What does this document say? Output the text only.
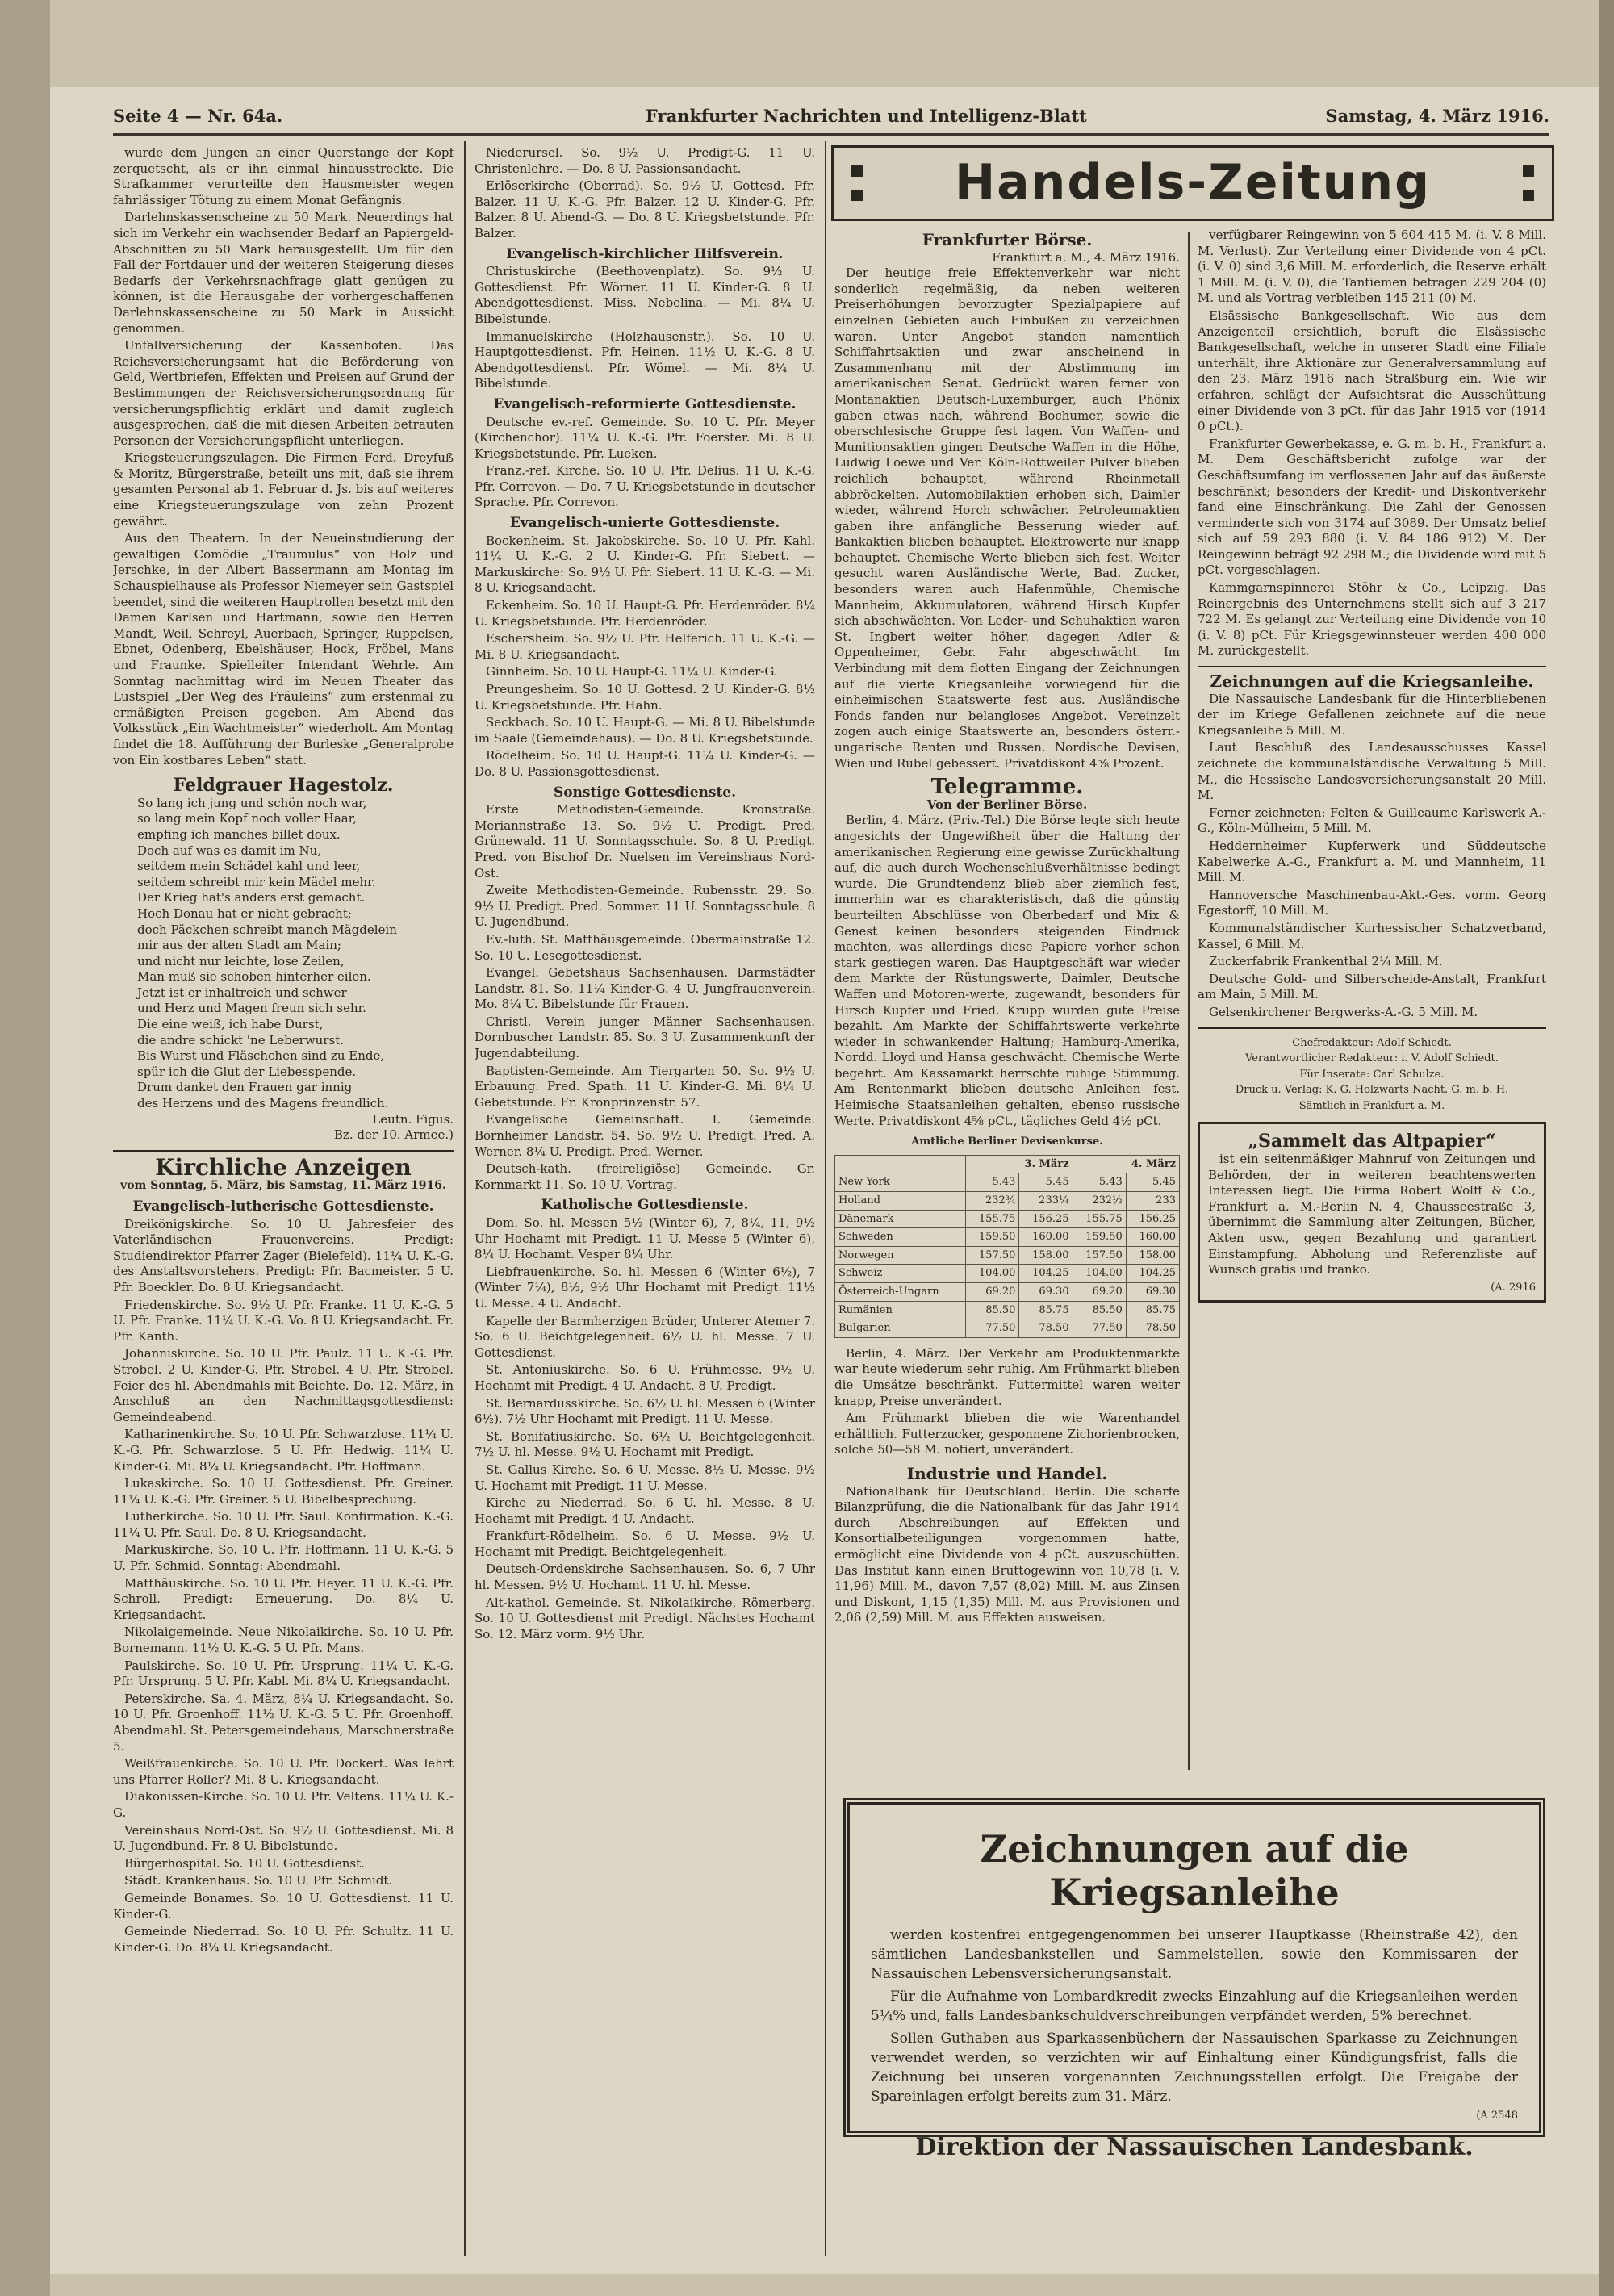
Seite 4 — Nr. 64a.	Frankfurter Nachrichten und Intelligenz-Blatt	Samstag, 4. März 1916.

wurde dem Jungen an einer Querstange der Kopf zerquetscht, als er ihn einmal hinausstreckte. Die Strafkammer verurteilte den Hausmeister wegen fahrlässiger Tötung zu einem Monat Gefängnis.

Darlehnskassenscheine zu 50 Mark. Neuerdings hat sich im Verkehr ein wachsender Bedarf an Papiergeld-Abschnitten zu 50 Mark herausgestellt. Um für den Fall der Fortdauer und der weiteren Steigerung dieses Bedarfs der Verkehrsnachfrage glatt genügen zu können, ist die Herausgabe der vorhergeschaffenen Darlehnskassenscheine zu 50 Mark in Aussicht genommen.

Unfallversicherung der Kassenboten. Das Reichsversicherungsamt hat die Beförderung von Geld, Wertbriefen, Effekten und Preisen auf Grund der Bestimmungen der Reichsversicherungsordnung für versicherungspflichtig erklärt und damit zugleich ausgesprochen, daß die mit diesen Arbeiten betrauten Personen der Versicherungspflicht unterliegen.

Kriegsteuerungszulagen. Die Firmen Ferd. Dreyfuß & Moritz, Bürgerstraße, beteilt uns mit, daß sie ihrem gesamten Personal ab 1. Februar d. Js. bis auf weiteres eine Kriegsteuerungszulage von zehn Prozent gewährt.

Aus den Theatern. In der Neueinstudierung der gewaltigen Comödie „Traumulus“ von Holz und Jerschke, in der Albert Bassermann am Montag im Schauspielhause als Professor Niemeyer sein Gastspiel beendet, sind die weiteren Hauptrollen besetzt mit den Damen Karlsen und Hartmann, sowie den Herren Mandt, Weil, Schreyl, Auerbach, Springer, Ruppelsen, Ebnet, Odenberg, Ebelshäuser, Hock, Fröbel, Mans und Fraunke. Spielleiter Intendant Wehrle. Am Sonntag nachmittag wird im Neuen Theater das Lustspiel „Der Weg des Fräuleins“ zum erstenmal zu ermäßigten Preisen gegeben. Am Abend das Volksstück „Ein Wachtmeister“ wiederholt. Am Montag findet die 18. Aufführung der Burleske „Generalprobe von Ein kostbares Leben“ statt.

Feldgrauer Hagestolz.
So lang ich jung und schön noch war,
so lang mein Kopf noch voller Haar,
empfing ich manches billet doux.
Doch auf was es damit im Nu,
seitdem mein Schädel kahl und leer,
seitdem schreibt mir kein Mädel mehr.
Der Krieg hat's anders erst gemacht.
Hoch Donau hat er nicht gebracht;
doch Päckchen schreibt manch Mägdelein
mir aus der alten Stadt am Main;
und nicht nur leichte, lose Zeilen,
Man muß sie schoben hinterher eilen.
Jetzt ist er inhaltreich und schwer
und Herz und Magen freun sich sehr.
Die eine weiß, ich habe Durst,
die andre schickt 'ne Leberwurst.
Bis Wurst und Fläschchen sind zu Ende,
spür ich die Glut der Liebesspende.
Drum danket den Frauen gar innig
des Herzens und des Magens freundlich.
Leutn. Figus.
Bz. der 10. Armee.)
Kirchliche Anzeigen
vom Sonntag, 5. März, bis Samstag, 11. März 1916.
Evangelisch-lutherische Gottesdienste.

Dreikönigskirche. So. 10 U. Jahresfeier des Vaterländischen Frauenvereins. Predigt: Studiendirektor Pfarrer Zager (Bielefeld). 11¼ U. K.-G. des Anstaltsvorstehers. Predigt: Pfr. Bacmeister. 5 U. Pfr. Boeckler. Do. 8 U. Kriegsandacht.

Friedenskirche. So. 9½ U. Pfr. Franke. 11 U. K.-G. 5 U. Pfr. Franke. 11¼ U. K.-G. Vo. 8 U. Kriegsandacht. Fr. Pfr. Kanth.

Johanniskirche. So. 10 U. Pfr. Paulz. 11 U. K.-G. Pfr. Strobel. 2 U. Kinder-G. Pfr. Strobel. 4 U. Pfr. Strobel. Feier des hl. Abendmahls mit Beichte. Do. 12. März, in Anschluß an den Nachmittagsgottesdienst: Gemeindeabend.

Katharinenkirche. So. 10 U. Pfr. Schwarzlose. 11¼ U. K.-G. Pfr. Schwarzlose. 5 U. Pfr. Hedwig. 11¼ U. Kinder-G. Mi. 8¼ U. Kriegsandacht. Pfr. Hoffmann.

Lukaskirche. So. 10 U. Gottesdienst. Pfr. Greiner. 11¼ U. K.-G. Pfr. Greiner. 5 U. Bibelbesprechung.

Lutherkirche. So. 10 U. Pfr. Saul. Konfirmation. K.-G. 11¼ U. Pfr. Saul. Do. 8 U. Kriegsandacht.

Markuskirche. So. 10 U. Pfr. Hoffmann. 11 U. K.-G. 5 U. Pfr. Schmid. Sonntag: Abendmahl.

Matthäuskirche. So. 10 U. Pfr. Heyer. 11 U. K.-G. Pfr. Schroll. Predigt: Erneuerung. Do. 8¼ U. Kriegsandacht.

Nikolaigemeinde. Neue Nikolaikirche. So. 10 U. Pfr. Bornemann. 11½ U. K.-G. 5 U. Pfr. Mans.

Paulskirche. So. 10 U. Pfr. Ursprung. 11¼ U. K.-G. Pfr. Ursprung. 5 U. Pfr. Kabl. Mi. 8¼ U. Kriegsandacht.

Peterskirche. Sa. 4. März, 8¼ U. Kriegsandacht. So. 10 U. Pfr. Groenhoff. 11½ U. K.-G. 5 U. Pfr. Groenhoff. Abendmahl. St. Petersgemeindehaus, Marschnerstraße 5.

Weißfrauenkirche. So. 10 U. Pfr. Dockert. Was lehrt uns Pfarrer Roller? Mi. 8 U. Kriegsandacht.

Diakonissen-Kirche. So. 10 U. Pfr. Veltens. 11¼ U. K.-G.

Vereinshaus Nord-Ost. So. 9½ U. Gottesdienst. Mi. 8 U. Jugendbund. Fr. 8 U. Bibelstunde.

Bürgerhospital. So. 10 U. Gottesdienst.

Städt. Krankenhaus. So. 10 U. Pfr. Schmidt.

Gemeinde Bonames. So. 10 U. Gottesdienst. 11 U. Kinder-G.

Gemeinde Niederrad. So. 10 U. Pfr. Schultz. 11 U. Kinder-G. Do. 8¼ U. Kriegsandacht.

Niederursel. So. 9½ U. Predigt-G. 11 U. Christenlehre. — Do. 8 U. Passionsandacht.

Erlöserkirche (Oberrad). So. 9½ U. Gottesd. Pfr. Balzer. 11 U. K.-G. Pfr. Balzer. 12 U. Kinder-G. Pfr. Balzer. 8 U. Abend-G. — Do. 8 U. Kriegsbetstunde. Pfr. Balzer.

Evangelisch-kirchlicher Hilfsverein.

Christuskirche (Beethovenplatz). So. 9½ U. Gottesdienst. Pfr. Wörner. 11 U. Kinder-G. 8 U. Abendgottesdienst. Miss. Nebelina. — Mi. 8¼ U. Bibelstunde.

Immanuelskirche (Holzhausenstr.). So. 10 U. Hauptgottesdienst. Pfr. Heinen. 11½ U. K.-G. 8 U. Abendgottesdienst. Pfr. Wömel. — Mi. 8¼ U. Bibelstunde.

Evangelisch-reformierte Gottesdienste.

Deutsche ev.-ref. Gemeinde. So. 10 U. Pfr. Meyer (Kirchenchor). 11¼ U. K.-G. Pfr. Foerster. Mi. 8 U. Kriegsbetstunde. Pfr. Lueken.

Franz.-ref. Kirche. So. 10 U. Pfr. Delius. 11 U. K.-G. Pfr. Correvon. — Do. 7 U. Kriegsbetstunde in deutscher Sprache. Pfr. Correvon.

Evangelisch-unierte Gottesdienste.

Bockenheim. St. Jakobskirche. So. 10 U. Pfr. Kahl. 11¼ U. K.-G. 2 U. Kinder-G. Pfr. Siebert. — Markuskirche: So. 9½ U. Pfr. Siebert. 11 U. K.-G. — Mi. 8 U. Kriegsandacht.

Eckenheim. So. 10 U. Haupt-G. Pfr. Herdenröder. 8¼ U. Kriegsbetstunde. Pfr. Herdenröder.

Eschersheim. So. 9½ U. Pfr. Helferich. 11 U. K.-G. — Mi. 8 U. Kriegsandacht.

Ginnheim. So. 10 U. Haupt-G. 11¼ U. Kinder-G.

Preungesheim. So. 10 U. Gottesd. 2 U. Kinder-G. 8½ U. Kriegsbetstunde. Pfr. Hahn.

Seckbach. So. 10 U. Haupt-G. — Mi. 8 U. Bibelstunde im Saale (Gemeindehaus). — Do. 8 U. Kriegsbetstunde.

Rödelheim. So. 10 U. Haupt-G. 11¼ U. Kinder-G. — Do. 8 U. Passionsgottesdienst.

Sonstige Gottesdienste.

Erste Methodisten-Gemeinde. Kronstraße. Meriannstraße 13. So. 9½ U. Predigt. Pred. Grünewald. 11 U. Sonntagsschule. So. 8 U. Predigt. Pred. von Bischof Dr. Nuelsen im Vereinshaus Nord-Ost.

Zweite Methodisten-Gemeinde. Rubensstr. 29. So. 9½ U. Predigt. Pred. Sommer. 11 U. Sonntagsschule. 8 U. Jugendbund.

Ev.-luth. St. Matthäusgemeinde. Obermainstraße 12. So. 10 U. Lesegottesdienst.

Evangel. Gebetshaus Sachsenhausen. Darmstädter Landstr. 81. So. 11¼ Kinder-G. 4 U. Jungfrauenverein. Mo. 8¼ U. Bibelstunde für Frauen.

Christl. Verein junger Männer Sachsenhausen. Dornbuscher Landstr. 85. So. 3 U. Zusammenkunft der Jugendabteilung.

Baptisten-Gemeinde. Am Tiergarten 50. So. 9½ U. Erbauung. Pred. Spath. 11 U. Kinder-G. Mi. 8¼ U. Gebetstunde. Fr. Kronprinzenstr. 57.

Evangelische Gemeinschaft. I. Gemeinde. Bornheimer Landstr. 54. So. 9½ U. Predigt. Pred. A. Werner. 8¼ U. Predigt. Pred. Werner.

Deutsch-kath. (freireligiöse) Gemeinde. Gr. Kornmarkt 11. So. 10 U. Vortrag.

Katholische Gottesdienste.

Dom. So. hl. Messen 5½ (Winter 6), 7, 8¼, 11, 9½ Uhr Hochamt mit Predigt. 11 U. Messe 5 (Winter 6), 8¼ U. Hochamt. Vesper 8¼ Uhr.

Liebfrauenkirche. So. hl. Messen 6 (Winter 6½), 7 (Winter 7¼), 8½, 9½ Uhr Hochamt mit Predigt. 11½ U. Messe. 4 U. Andacht.

Kapelle der Barmherzigen Brüder, Unterer Atemer 7. So. 6 U. Beichtgelegenheit. 6½ U. hl. Messe. 7 U. Gottesdienst.

St. Antoniuskirche. So. 6 U. Frühmesse. 9½ U. Hochamt mit Predigt. 4 U. Andacht. 8 U. Predigt.

St. Bernardusskirche. So. 6½ U. hl. Messen 6 (Winter 6½). 7½ Uhr Hochamt mit Predigt. 11 U. Messe.

St. Bonifatiuskirche. So. 6½ U. Beichtgelegenheit. 7½ U. hl. Messe. 9½ U. Hochamt mit Predigt.

St. Gallus Kirche. So. 6 U. Messe. 8½ U. Messe. 9½ U. Hochamt mit Predigt. 11 U. Messe.

Kirche zu Niederrad. So. 6 U. hl. Messe. 8 U. Hochamt mit Predigt. 4 U. Andacht.

Frankfurt-Rödelheim. So. 6 U. Messe. 9½ U. Hochamt mit Predigt. Beichtgelegenheit.

Deutsch-Ordenskirche Sachsenhausen. So. 6, 7 Uhr hl. Messen. 9½ U. Hochamt. 11 U. hl. Messe.

Alt-kathol. Gemeinde. St. Nikolaikirche, Römerberg. So. 10 U. Gottesdienst mit Predigt. Nächstes Hochamt So. 12. März vorm. 9½ Uhr.

Handels-Zeitung
Frankfurter Börse.
Frankfurt a. M., 4. März 1916.

Der heutige freie Effektenverkehr war nicht sonderlich regelmäßig, da neben weiteren Preiserhöhungen bevorzugter Spezialpapiere auf einzelnen Gebieten auch Einbußen zu verzeichnen waren. Unter Angebot standen namentlich Schiffahrtsaktien und zwar anscheinend in Zusammenhang mit der Abstimmung im amerikanischen Senat. Gedrückt waren ferner von Montanaktien Deutsch-Luxemburger, auch Phönix gaben etwas nach, während Bochumer, sowie die oberschlesische Gruppe fest lagen. Von Waffen- und Munitionsaktien gingen Deutsche Waffen in die Höhe, Ludwig Loewe und Ver. Köln-Rottweiler Pulver blieben reichlich behauptet, während Rheinmetall abbröckelten. Automobilaktien erhoben sich, Daimler wieder, während Horch schwächer. Petroleumaktien gaben ihre anfängliche Besserung wieder auf. Bankaktien blieben behauptet. Elektrowerte nur knapp behauptet. Chemische Werte blieben sich fest. Weiter gesucht waren Ausländische Werte, Bad. Zucker, besonders waren auch Hafenmühle, Chemische Mannheim, Akkumulatoren, während Hirsch Kupfer sich abschwächten. Von Leder- und Schuhaktien waren St. Ingbert weiter höher, dagegen Adler & Oppenheimer, Gebr. Fahr abgeschwächt. Im Verbindung mit dem flotten Eingang der Zeichnungen auf die vierte Kriegsanleihe vorwiegend für die einheimischen Staatswerte fest aus. Ausländische Fonds fanden nur belangloses Angebot. Vereinzelt zogen auch einige Staatswerte an, besonders österr.-ungarische Renten und Russen. Nordische Devisen, Wien und Rubel gebessert. Privatdiskont 4⅝ Prozent.

Telegramme.
Von der Berliner Börse.

Berlin, 4. März. (Priv.-Tel.) Die Börse legte sich heute angesichts der Ungewißheit über die Haltung der amerikanischen Regierung eine gewisse Zurückhaltung auf, die auch durch Wochenschlußverhältnisse bedingt wurde. Die Grundtendenz blieb aber ziemlich fest, immerhin war es charakteristisch, daß die günstig beurteilten Abschlüsse von Oberbedarf und Mix & Genest keinen besonders steigenden Eindruck machten, was allerdings diese Papiere vorher schon stark gestiegen waren. Das Hauptgeschäft war wieder dem Markte der Rüstungswerte, Daimler, Deutsche Waffen und Motoren-werte, zugewandt, besonders für Hirsch Kupfer und Fried. Krupp wurden gute Preise bezahlt. Am Markte der Schiffahrtswerte verkehrte wieder in schwankender Haltung; Hamburg-Amerika, Nordd. Lloyd und Hansa geschwächt. Chemische Werte begehrt. Am Kassamarkt herrschte ruhige Stimmung. Am Rentenmarkt blieben deutsche Anleihen fest. Heimische Staatsanleihen gehalten, ebenso russische Werte. Privatdiskont 4⅝ pCt., tägliches Geld 4½ pCt.

Amtliche Berliner Devisenkurse.
	3. März		4. März	
New York	5.43	5.45	5.43	5.45
Holland	232¾	233¼	232½	233
Dänemark	155.75	156.25	155.75	156.25
Schweden	159.50	160.00	159.50	160.00
Norwegen	157.50	158.00	157.50	158.00
Schweiz	104.00	104.25	104.00	104.25
Österreich-Ungarn	69.20	69.30	69.20	69.30
Rumänien	85.50	85.75	85.50	85.75
Bulgarien	77.50	78.50	77.50	78.50

Berlin, 4. März. Der Verkehr am Produktenmarkte war heute wiederum sehr ruhig. Am Frühmarkt blieben die Umsätze beschränkt. Futtermittel waren weiter knapp, Preise unverändert.

Am Frühmarkt blieben die wie Warenhandel erhältlich. Futterzucker, gesponnene Zichorienbrocken, solche 50—58 M. notiert, unverändert.

Industrie und Handel.

Nationalbank für Deutschland. Berlin. Die scharfe Bilanzprüfung, die die Nationalbank für das Jahr 1914 durch Abschreibungen auf Effekten und Konsortialbeteiligungen vorgenommen hatte, ermöglicht eine Dividende von 4 pCt. auszuschütten. Das Institut kann einen Bruttogewinn von 10,78 (i. V. 11,96) Mill. M., davon 7,57 (8,02) Mill. M. aus Zinsen und Diskont, 1,15 (1,35) Mill. M. aus Provisionen und 2,06 (2,59) Mill. M. aus Effekten ausweisen.

verfügbarer Reingewinn von 5 604 415 M. (i. V. 8 Mill. M. Verlust). Zur Verteilung einer Dividende von 4 pCt. (i. V. 0) sind 3,6 Mill. M. erforderlich, die Reserve erhält 1 Mill. M. (i. V. 0), die Tantiemen betragen 229 204 (0) M. und als Vortrag verbleiben 145 211 (0) M.

Elsässische Bankgesellschaft. Wie aus dem Anzeigenteil ersichtlich, beruft die Elsässische Bankgesellschaft, welche in unserer Stadt eine Filiale unterhält, ihre Aktionäre zur Generalversammlung auf den 23. März 1916 nach Straßburg ein. Wie wir erfahren, schlägt der Aufsichtsrat die Ausschüttung einer Dividende von 3 pCt. für das Jahr 1915 vor (1914 0 pCt.).

Frankfurter Gewerbekasse, e. G. m. b. H., Frankfurt a. M. Dem Geschäftsbericht zufolge war der Geschäftsumfang im verflossenen Jahr auf das äußerste beschränkt; besonders der Kredit- und Diskontverkehr fand eine Einschränkung. Die Zahl der Genossen verminderte sich von 3174 auf 3089. Der Umsatz belief sich auf 59 293 880 (i. V. 84 186 912) M. Der Reingewinn beträgt 92 298 M.; die Dividende wird mit 5 pCt. vorgeschlagen.

Kammgarnspinnerei Stöhr & Co., Leipzig. Das Reinergebnis des Unternehmens stellt sich auf 3 217 722 M. Es gelangt zur Verteilung eine Dividende von 10 (i. V. 8) pCt. Für Kriegsgewinnsteuer werden 400 000 M. zurückgestellt.

Zeichnungen auf die Kriegsanleihe.

Die Nassauische Landesbank für die Hinterbliebenen der im Kriege Gefallenen zeichnete auf die neue Kriegsanleihe 5 Mill. M.

Laut Beschluß des Landesausschusses Kassel zeichnete die kommunalständische Verwaltung 5 Mill. M., die Hessische Landesversicherungsanstalt 20 Mill. M.

Ferner zeichneten: Felten & Guilleaume Karlswerk A.-G., Köln-Mülheim, 5 Mill. M.

Heddernheimer Kupferwerk und Süddeutsche Kabelwerke A.-G., Frankfurt a. M. und Mannheim, 11 Mill. M.

Hannoversche Maschinenbau-Akt.-Ges. vorm. Georg Egestorff, 10 Mill. M.

Kommunalständischer Kurhessischer Schatzverband, Kassel, 6 Mill. M.

Zuckerfabrik Frankenthal 2¼ Mill. M.

Deutsche Gold- und Silberscheide-Anstalt, Frankfurt am Main, 5 Mill. M.

Gelsenkirchener Bergwerks-A.-G. 5 Mill. M.

Chefredakteur: Adolf Schiedt.
Verantwortlicher Redakteur: i. V. Adolf Schiedt.
Für Inserate: Carl Schulze.
Druck u. Verlag: K. G. Holzwarts Nacht. G. m. b. H.
Sämtlich in Frankfurt a. M.
„Sammelt das Altpapier“

ist ein seitenmäßiger Mahnruf von Zeitungen und Behörden, der in weiteren beachtenswerten Interessen liegt. Die Firma Robert Wolff & Co., Frankfurt a. M.-Berlin N. 4, Chausseestraße 3, übernimmt die Sammlung alter Zeitungen, Bücher, Akten usw., gegen Bezahlung und garantiert Einstampfung. Abholung und Referenzliste auf Wunsch gratis und franko.

(A. 2916
Zeichnungen auf die Kriegsanleihe

werden kostenfrei entgegengenommen bei unserer Hauptkasse (Rheinstraße 42), den sämtlichen Landesbankstellen und Sammelstellen, sowie den Kommissaren der Nassauischen Lebensversicherungsanstalt.

Für die Aufnahme von Lombardkredit zwecks Einzahlung auf die Kriegsanleihen werden 5¼% und, falls Landesbankschuldverschreibungen verpfändet werden, 5% berechnet.

Sollen Guthaben aus Sparkassenbüchern der Nassauischen Sparkasse zu Zeichnungen verwendet werden, so verzichten wir auf Einhaltung einer Kündigungsfrist, falls die Zeichnung bei unseren vorgenannten Zeichnungsstellen erfolgt. Die Freigabe der Spareinlagen erfolgt bereits zum 31. März.

(A 2548
Direktion der Nassauischen Landesbank.
